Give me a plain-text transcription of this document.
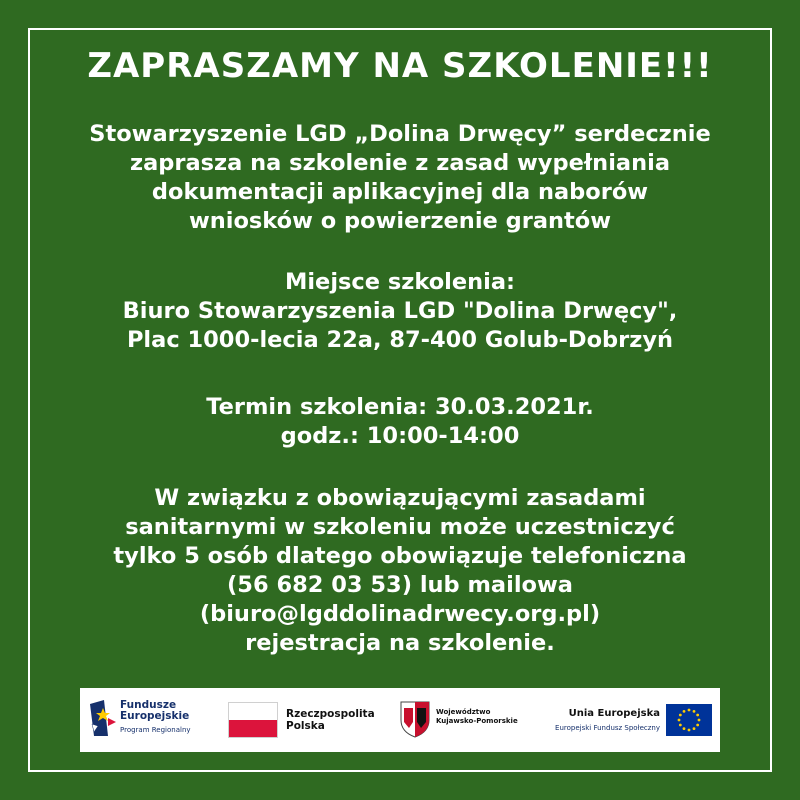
ZAPRASZAMY NA SZKOLENIE!!!
Stowarzyszenie LGD „Dolina Drwęcy” serdecznie
zaprasza na szkolenie z zasad wypełniania
dokumentacji aplikacyjnej dla naborów
wniosków o powierzenie grantów
Miejsce szkolenia:
Biuro Stowarzyszenia LGD "Dolina Drwęcy",
Plac 1000-lecia 22a, 87-400 Golub-Dobrzyń
Termin szkolenia: 30.03.2021r.
godz.: 10:00-14:00
W związku z obowiązującymi zasadami
sanitarnymi w szkoleniu może uczestniczyć
tylko 5 osób dlatego obowiązuje telefoniczna
(56 682 03 53) lub mailowa
(biuro@lgddolinadrwecy.org.pl)
rejestracja na szkolenie.
Fundusze
Europejskie
Program Regionalny
Rzeczpospolita
Polska
Województwo
Kujawsko-Pomorskie
Unia Europejska
Europejski Fundusz Społeczny
